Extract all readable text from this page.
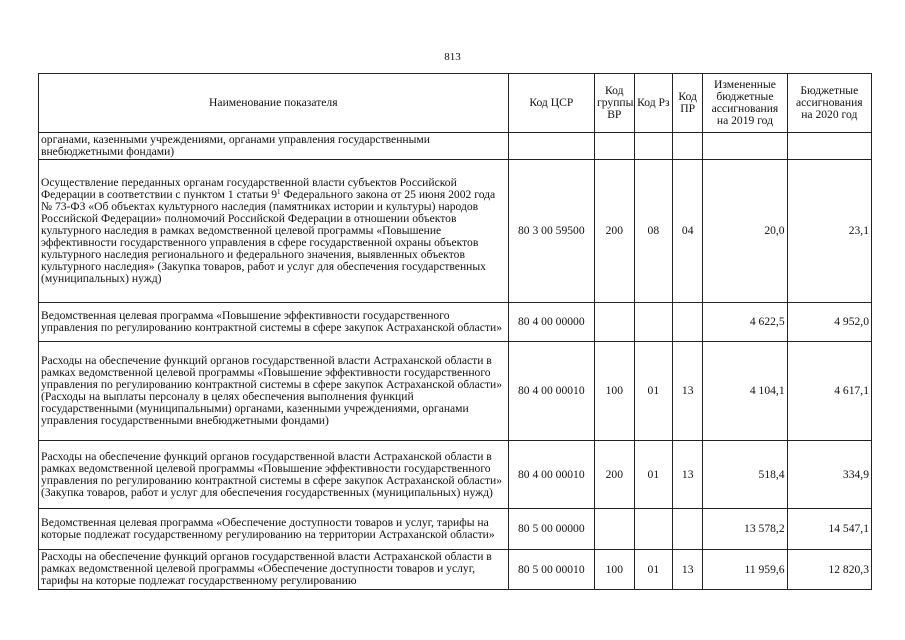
813
Наименование показателя	Код ЦСР	Код группы ВР	Код Рз	Код ПР	Измененные бюджетные ассигнования на 2019 год	Бюджетные ассигнования на 2020 год
органами, казенными учреждениями, органами управления государственными внебюджетными фондами)						
Осуществление переданных органам государственной власти субъектов Российской Федерации в соответствии с пунктом 1 статьи $9^1$ Федерального закона от 25 июня 2002 года № 73-ФЗ «Об объектах культурного наследия (памятниках истории и культуры) народов Российской Федерации» полномочий Российской Федерации в отношении объектов культурного наследия в рамках ведомственной целевой программы «Повышение эффективности государственного управления в сфере государственной охраны объектов культурного наследия регионального и федерального значения, выявленных объектов культурного наследия» (Закупка товаров, работ и услуг для обеспечения государственных (муниципальных) нужд)	80 3 00 59500	200	08	04	20,0	23,1
Ведомственная целевая программа «Повышение эффективности государственного управления по регулированию контрактной системы в сфере закупок Астраханской области»	80 4 00 00000				4 622,5	4 952,0
Расходы на обеспечение функций органов государственной власти Астраханской области в рамках ведомственной целевой программы «Повышение эффективности государственного управления по регулированию контрактной системы в сфере закупок Астраханской области» (Расходы на выплаты персоналу в целях обеспечения выполнения функций государственными (муниципальными) органами, казенными учреждениями, органами управления государственными внебюджетными фондами)	80 4 00 00010	100	01	13	4 104,1	4 617,1
Расходы на обеспечение функций органов государственной власти Астраханской области в рамках ведомственной целевой программы «Повышение эффективности государственного управления по регулированию контрактной системы в сфере закупок Астраханской области» (Закупка товаров, работ и услуг для обеспечения государственных (муниципальных) нужд)	80 4 00 00010	200	01	13	518,4	334,9
Ведомственная целевая программа «Обеспечение доступности товаров и услуг, тарифы на которые подлежат государственному регулированию на территории Астраханской области»	80 5 00 00000				13 578,2	14 547,1

Расходы на обеспечение функций органов государственной власти Астраханской области в рамках ведомственной целевой программы «Обеспечение доступности товаров и услуг, тарифы на которые подлежат государственному регулированию	80 5 00 00010	100	01	13	11 959,6	12 820,3
